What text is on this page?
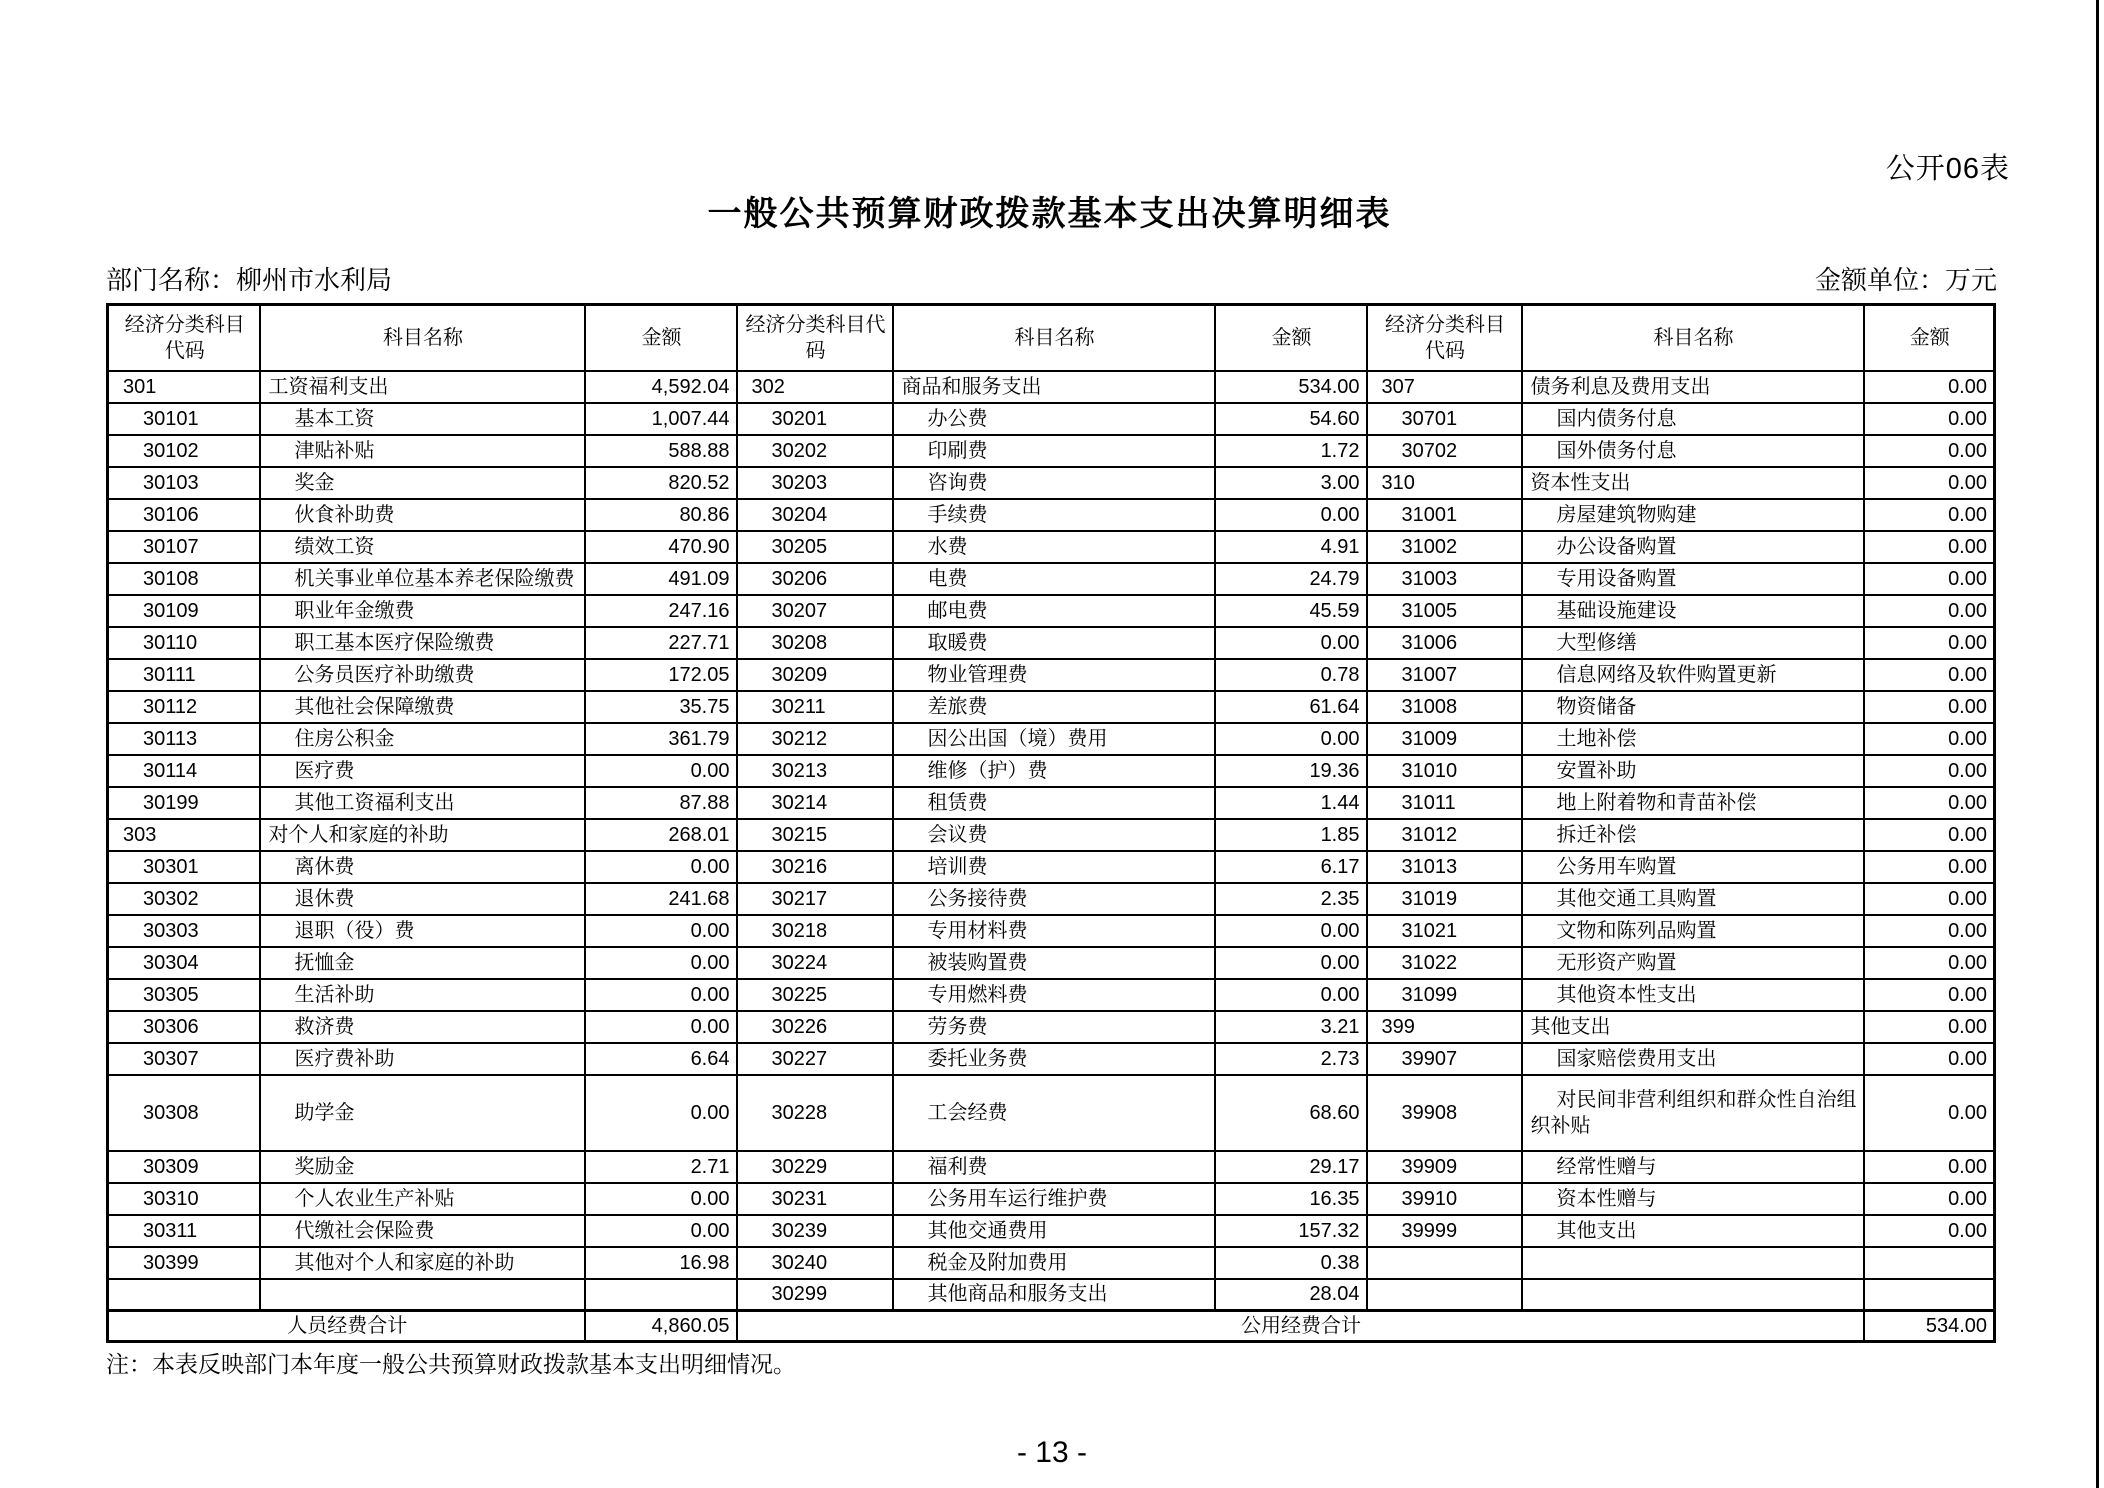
公开06表
一般公共预算财政拨款基本支出决算明细表
部门名称：柳州市水利局	金额单位：万元
经济分类科目代码	科目名称	金额	经济分类科目代码	科目名称	金额	经济分类科目代码	科目名称	金额
301	工资福利支出	4,592.04	302	商品和服务支出	534.00	307	债务利息及费用支出	0.00
30101	基本工资	1,007.44	30201	办公费	54.60	30701	国内债务付息	0.00
30102	津贴补贴	588.88	30202	印刷费	1.72	30702	国外债务付息	0.00
30103	奖金	820.52	30203	咨询费	3.00	310	资本性支出	0.00
30106	伙食补助费	80.86	30204	手续费	0.00	31001	房屋建筑物购建	0.00
30107	绩效工资	470.90	30205	水费	4.91	31002	办公设备购置	0.00
30108	机关事业单位基本养老保险缴费	491.09	30206	电费	24.79	31003	专用设备购置	0.00
30109	职业年金缴费	247.16	30207	邮电费	45.59	31005	基础设施建设	0.00
30110	职工基本医疗保险缴费	227.71	30208	取暖费	0.00	31006	大型修缮	0.00
30111	公务员医疗补助缴费	172.05	30209	物业管理费	0.78	31007	信息网络及软件购置更新	0.00
30112	其他社会保障缴费	35.75	30211	差旅费	61.64	31008	物资储备	0.00
30113	住房公积金	361.79	30212	因公出国（境）费用	0.00	31009	土地补偿	0.00
30114	医疗费	0.00	30213	维修（护）费	19.36	31010	安置补助	0.00
30199	其他工资福利支出	87.88	30214	租赁费	1.44	31011	地上附着物和青苗补偿	0.00
303	对个人和家庭的补助	268.01	30215	会议费	1.85	31012	拆迁补偿	0.00
30301	离休费	0.00	30216	培训费	6.17	31013	公务用车购置	0.00
30302	退休费	241.68	30217	公务接待费	2.35	31019	其他交通工具购置	0.00
30303	退职（役）费	0.00	30218	专用材料费	0.00	31021	文物和陈列品购置	0.00
30304	抚恤金	0.00	30224	被装购置费	0.00	31022	无形资产购置	0.00
30305	生活补助	0.00	30225	专用燃料费	0.00	31099	其他资本性支出	0.00
30306	救济费	0.00	30226	劳务费	3.21	399	其他支出	0.00
30307	医疗费补助	6.64	30227	委托业务费	2.73	39907	国家赔偿费用支出	0.00
30308	助学金	0.00	30228	工会经费	68.60	39908	对民间非营利组织和群众性自治组织补贴	0.00
30309	奖励金	2.71	30229	福利费	29.17	39909	经常性赠与	0.00
30310	个人农业生产补贴	0.00	30231	公务用车运行维护费	16.35	39910	资本性赠与	0.00
30311	代缴社会保险费	0.00	30239	其他交通费用	157.32	39999	其他支出	0.00
30399	其他对个人和家庭的补助	16.98	30240	税金及附加费用	0.38			
			30299	其他商品和服务支出	28.04			
人员经费合计		4,860.05	公用经费合计					534.00
注：本表反映部门本年度一般公共预算财政拨款基本支出明细情况。
- 13 -
